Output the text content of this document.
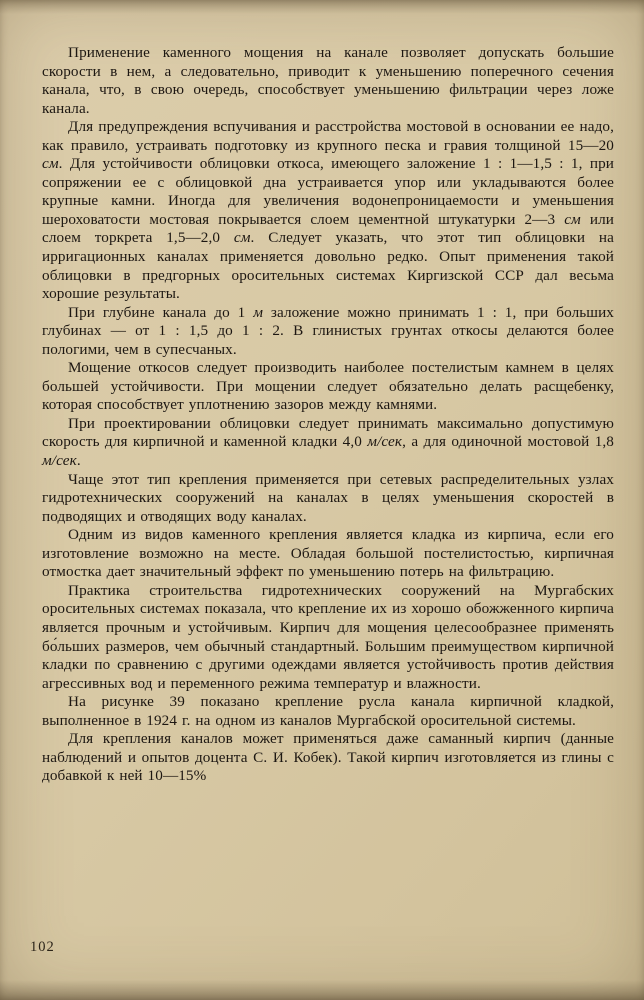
Применение каменного мощения на канале позволяет допускать большие скорости в нем, а следовательно, приводит к уменьшению поперечного сечения канала, что, в свою очередь, способствует уменьшению фильтрации через ложе канала.

Для предупреждения вспучивания и расстройства мостовой в основании ее надо, как правило, устраивать подготовку из крупного песка и гравия толщиной 15—20 см. Для устойчивости облицовки откоса, имеющего заложение 1 : 1—1,5 : 1, при сопряжении ее с облицовкой дна устраивается упор или укладываются более крупные камни. Иногда для увеличения водонепроницаемости и уменьшения шероховатости мостовая покрывается слоем цементной штукатурки 2—3 см или слоем торкрета 1,5—2,0 см. Следует указать, что этот тип облицовки на ирригационных каналах применяется довольно редко. Опыт применения такой облицовки в предгорных оросительных системах Киргизской ССР дал весьма хорошие результаты.

При глубине канала до 1 м заложение можно принимать 1 : 1, при больших глубинах — от 1 : 1,5 до 1 : 2. В глинистых грунтах откосы делаются более пологими, чем в супесчаных.

Мощение откосов следует производить наиболее постелистым камнем в целях большей устойчивости. При мощении следует обязательно делать расщебенку, которая способствует уплотнению зазоров между камнями.

При проектировании облицовки следует принимать максимально допустимую скорость для кирпичной и каменной кладки 4,0 м/сек, а для одиночной мостовой 1,8 м/сек.

Чаще этот тип крепления применяется при сетевых распределительных узлах гидротехнических сооружений на каналах в целях уменьшения скоростей в подводящих и отводящих воду каналах.

Одним из видов каменного крепления является кладка из кирпича, если его изготовление возможно на месте. Обладая большой постелистостью, кирпичная отмостка дает значительный эффект по уменьшению потерь на фильтрацию.

Практика строительства гидротехнических сооружений на Мургабских оросительных системах показала, что крепление их из хорошо обожженного кирпича является прочным и устойчивым. Кирпич для мощения целесообразнее применять бо́льших размеров, чем обычный стандартный. Большим преимуществом кирпичной кладки по сравнению с другими одеждами является устойчивость против действия агрессивных вод и переменного режима температур и влажности.

На рисунке 39 показано крепление русла канала кирпичной кладкой, выполненное в 1924 г. на одном из каналов Мургабской оросительной системы.

Для крепления каналов может применяться даже саманный кирпич (данные наблюдений и опытов доцента С. И. Кобек). Такой кирпич изготовляется из глины с добавкой к ней 10—15%

102
